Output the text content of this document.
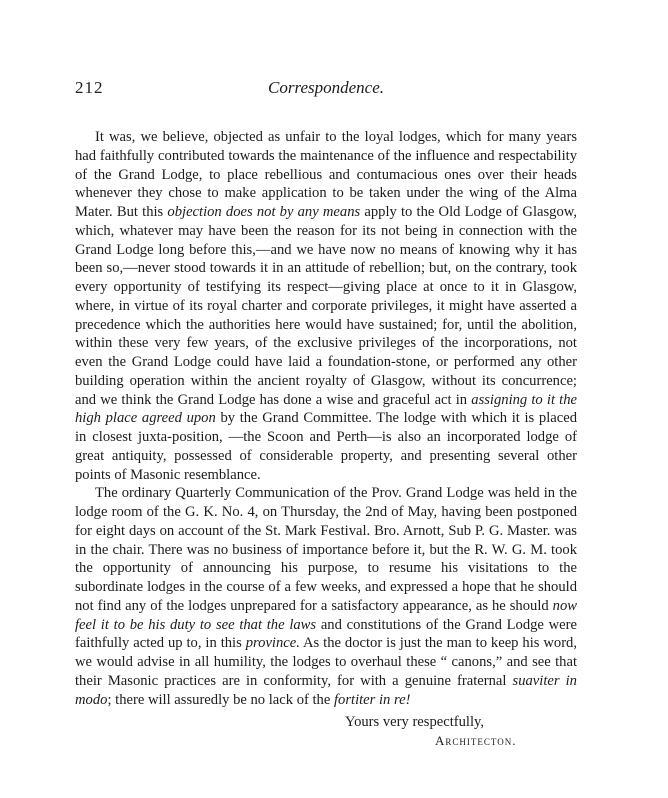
212	Correspondence.

It was, we believe, objected as unfair to the loyal lodges, which for many years had faithfully contributed towards the maintenance of the influence and respectability of the Grand Lodge, to place rebellious and contumacious ones over their heads whenever they chose to make application to be taken under the wing of the Alma Mater. But this objection does not by any means apply to the Old Lodge of Glasgow, which, whatever may have been the reason for its not being in connection with the Grand Lodge long before this,—and we have now no means of knowing why it has been so,—never stood towards it in an attitude of rebellion; but, on the contrary, took every opportunity of testifying its respect—giving place at once to it in Glasgow, where, in virtue of its royal charter and corporate privileges, it might have asserted a precedence which the authorities here would have sustained; for, until the abolition, within these very few years, of the exclusive privileges of the incorporations, not even the Grand Lodge could have laid a foundation-stone, or performed any other building operation within the ancient royalty of Glasgow, without its concurrence; and we think the Grand Lodge has done a wise and graceful act in assigning to it the high place agreed upon by the Grand Committee. The lodge with which it is placed in closest juxta-position, —the Scoon and Perth—is also an incorporated lodge of great antiquity, possessed of considerable property, and presenting several other points of Masonic resemblance.

The ordinary Quarterly Communication of the Prov. Grand Lodge was held in the lodge room of the G. K. No. 4, on Thursday, the 2nd of May, having been postponed for eight days on account of the St. Mark Festival. Bro. Arnott, Sub P. G. Master. was in the chair. There was no business of importance before it, but the R. W. G. M. took the opportunity of announcing his purpose, to resume his visitations to the subordinate lodges in the course of a few weeks, and expressed a hope that he should not find any of the lodges unprepared for a satisfactory appearance, as he should now feel it to be his duty to see that the laws and constitutions of the Grand Lodge were faithfully acted up to, in this province. As the doctor is just the man to keep his word, we would advise in all humility, the lodges to overhaul these “ canons,” and see that their Masonic practices are in conformity, for with a genuine fraternal suaviter in modo; there will assuredly be no lack of the fortiter in re!

Yours very respectfully,
Architecton.
